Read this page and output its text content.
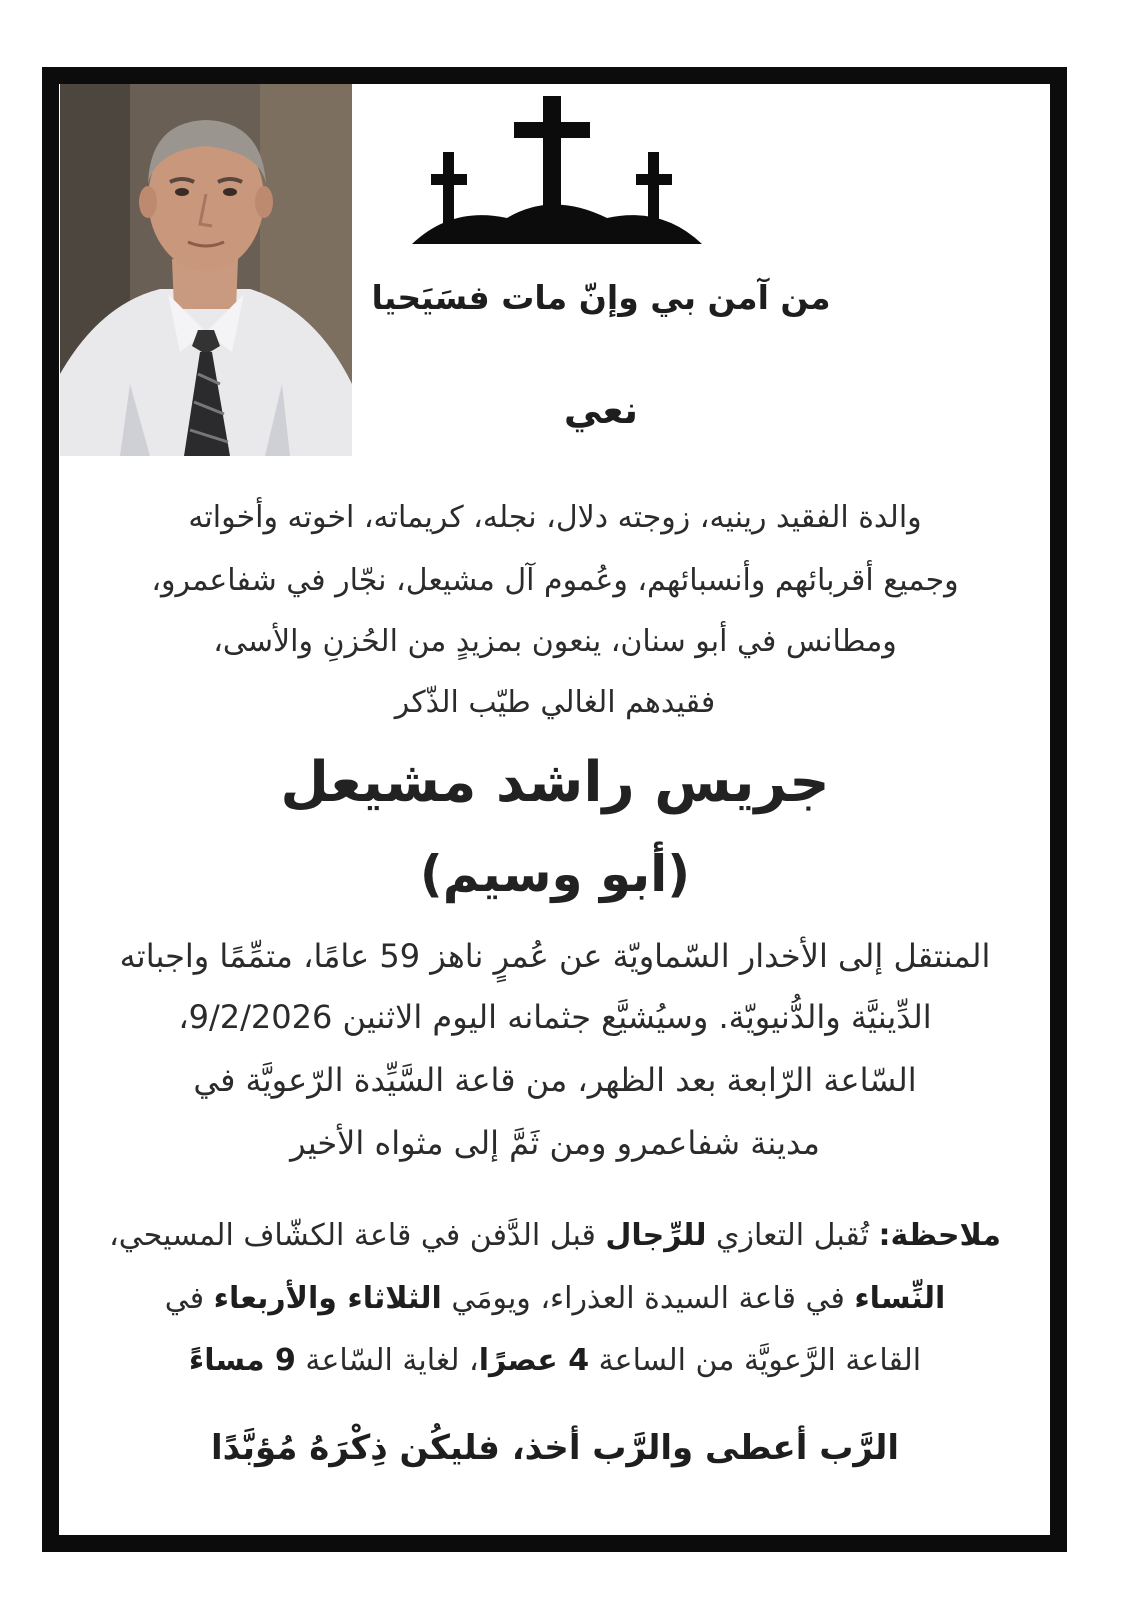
من آمن بي وإنّ مات فسَيَحيا
نعي
والدة الفقيد رينيه، زوجته دلال، نجله، كريماته، اخوته وأخواته
وجميع أقربائهم وأنسبائهم، وعُموم آل مشيعل، نجّار في شفاعمرو،
ومطانس في أبو سنان، ينعون بمزيدٍ من الحُزنِ والأسى،
فقيدهم الغالي طيّب الذّكر
جريس راشد مشيعل
(أبو وسيم)
المنتقل إلى الأخدار السّماويّة عن عُمرٍ ناهز 59 عامًا، متمِّمًا واجباته
الدِّينيَّة والدُّنيويّة. وسيُشيَّع جثمانه اليوم الاثنين 9/2/2026،
السّاعة الرّابعة بعد الظهر، من قاعة السَّيِّدة الرّعويَّة في
مدينة شفاعمرو ومن ثَمَّ إلى مثواه الأخير
ملاحظة: تُقبل التعازي للرِّجال قبل الدَّفن في قاعة الكشّاف المسيحي،
النِّساء في قاعة السيدة العذراء، ويومَي الثلاثاء والأربعاء في
القاعة الرَّعويَّة من الساعة 4 عصرًا، لغاية السّاعة 9 مساءً
الرَّب أعطى والرَّب أخذ، فليكُن ذِكْرَهُ مُؤبَّدًا
